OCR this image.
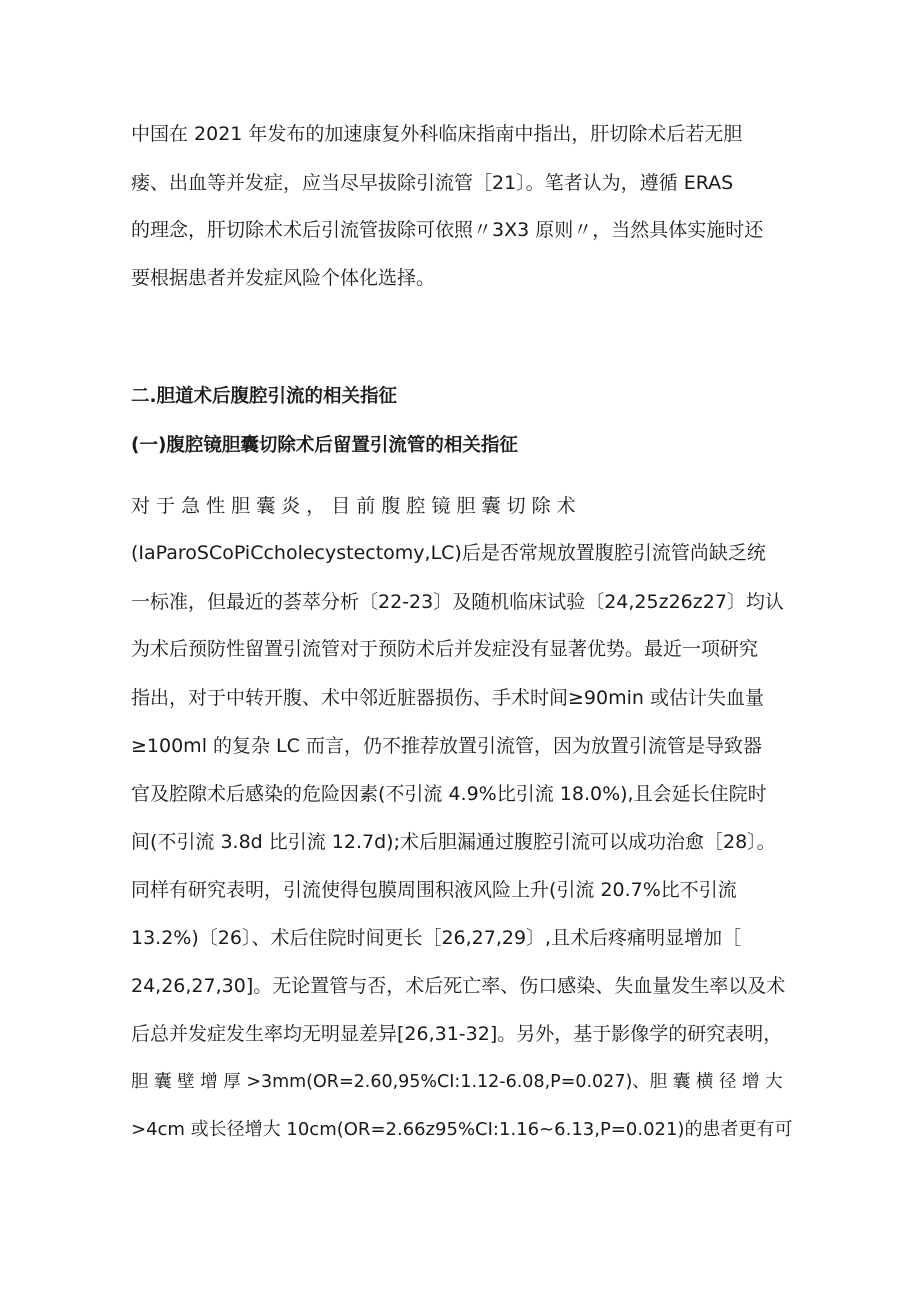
中国在 2021 年发布的加速康复外科临床指南中指出，肝切除术后若无胆
瘘、出血等并发症，应当尽早拔除引流管［21〕。笔者认为，遵循 ERAS
的理念，肝切除术术后引流管拔除可依照〃3X3 原则〃，当然具体实施时还
要根据患者并发症风险个体化选择。
二.胆道术后腹腔引流的相关指征
(一)腹腔镜胆囊切除术后留置引流管的相关指征
对 于 急 性 胆 囊 炎 ， 目 前 腹 腔 镜 胆 囊 切 除 术
(IaParoSCoPiCcholecystectomy,LC)后是否常规放置腹腔引流管尚缺乏统
一标准，但最近的荟萃分析〔22-23〕及随机临床试验〔24,25z26z27〕均认
为术后预防性留置引流管对于预防术后并发症没有显著优势。最近一项研究
指出，对于中转开腹、术中邻近脏器损伤、手术时间≥90min 或估计失血量
≥100ml 的复杂 LC 而言，仍不推荐放置引流管，因为放置引流管是导致器
官及腔隙术后感染的危险因素(不引流 4.9%比引流 18.0%),且会延长住院时
间(不引流 3.8d 比引流 12.7d);术后胆漏通过腹腔引流可以成功治愈［28〕。
同样有研究表明，引流使得包膜周围积液风险上升(引流 20.7%比不引流
13.2%)〔26〕、术后住院时间更长［26,27,29〕,且术后疼痛明显增加［
24,26,27,30]。无论置管与否，术后死亡率、伤口感染、失血量发生率以及术
后总并发症发生率均无明显差异[26,31-32]。另外，基于影像学的研究表明，
胆 囊 壁 增 厚 >3mm(OR=2.60,95%CI:1.12-6.08,P=0.027)、胆 囊 横 径 增 大
>4cm 或长径增大 10cm(OR=2.66z95%CI:1.16~6.13,P=0.021)的患者更有可
